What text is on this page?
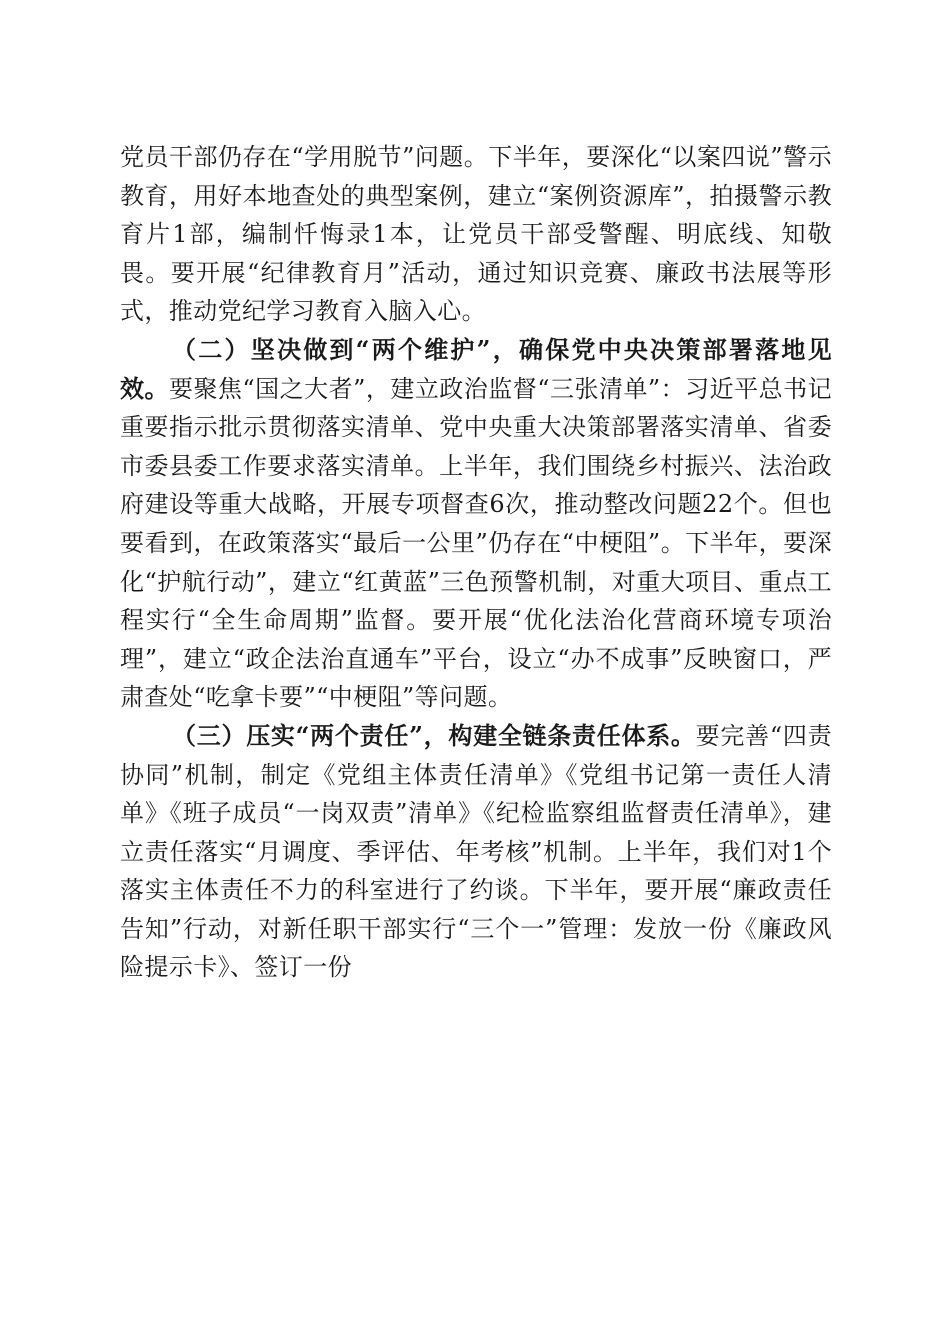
党员干部仍存在“学用脱节”问题。下半年，要深化“以案四说”警示教育，用好本地查处的典型案例，建立“案例资源库”，拍摄警示教育片1部，编制忏悔录1本，让党员干部受警醒、明底线、知敬畏。要开展“纪律教育月”活动，通过知识竞赛、廉政书法展等形式，推动党纪学习教育入脑入心。

（二）坚决做到“两个维护”，确保党中央决策部署落地见效。要聚焦“国之大者”，建立政治监督“三张清单”：习近平总书记重要指示批示贯彻落实清单、党中央重大决策部署落实清单、省委市委县委工作要求落实清单。上半年，我们围绕乡村振兴、法治政府建设等重大战略，开展专项督查6次，推动整改问题22个。但也要看到，在政策落实“最后一公里”仍存在“中梗阻”。下半年，要深化“护航行动”，建立“红黄蓝”三色预警机制，对重大项目、重点工程实行“全生命周期”监督。要开展“优化法治化营商环境专项治理”，建立“政企法治直通车”平台，设立“办不成事”反映窗口，严肃查处“吃拿卡要”“中梗阻”等问题。

（三）压实“两个责任”，构建全链条责任体系。要完善“四责协同”机制，制定《党组主体责任清单》《党组书记第一责任人清单》《班子成员“一岗双责”清单》《纪检监察组监督责任清单》，建立责任落实“月调度、季评估、年考核”机制。上半年，我们对1个落实主体责任不力的科室进行了约谈。下半年，要开展“廉政责任告知”行动，对新任职干部实行“三个一”管理：发放一份《廉政风险提示卡》、签订一份
